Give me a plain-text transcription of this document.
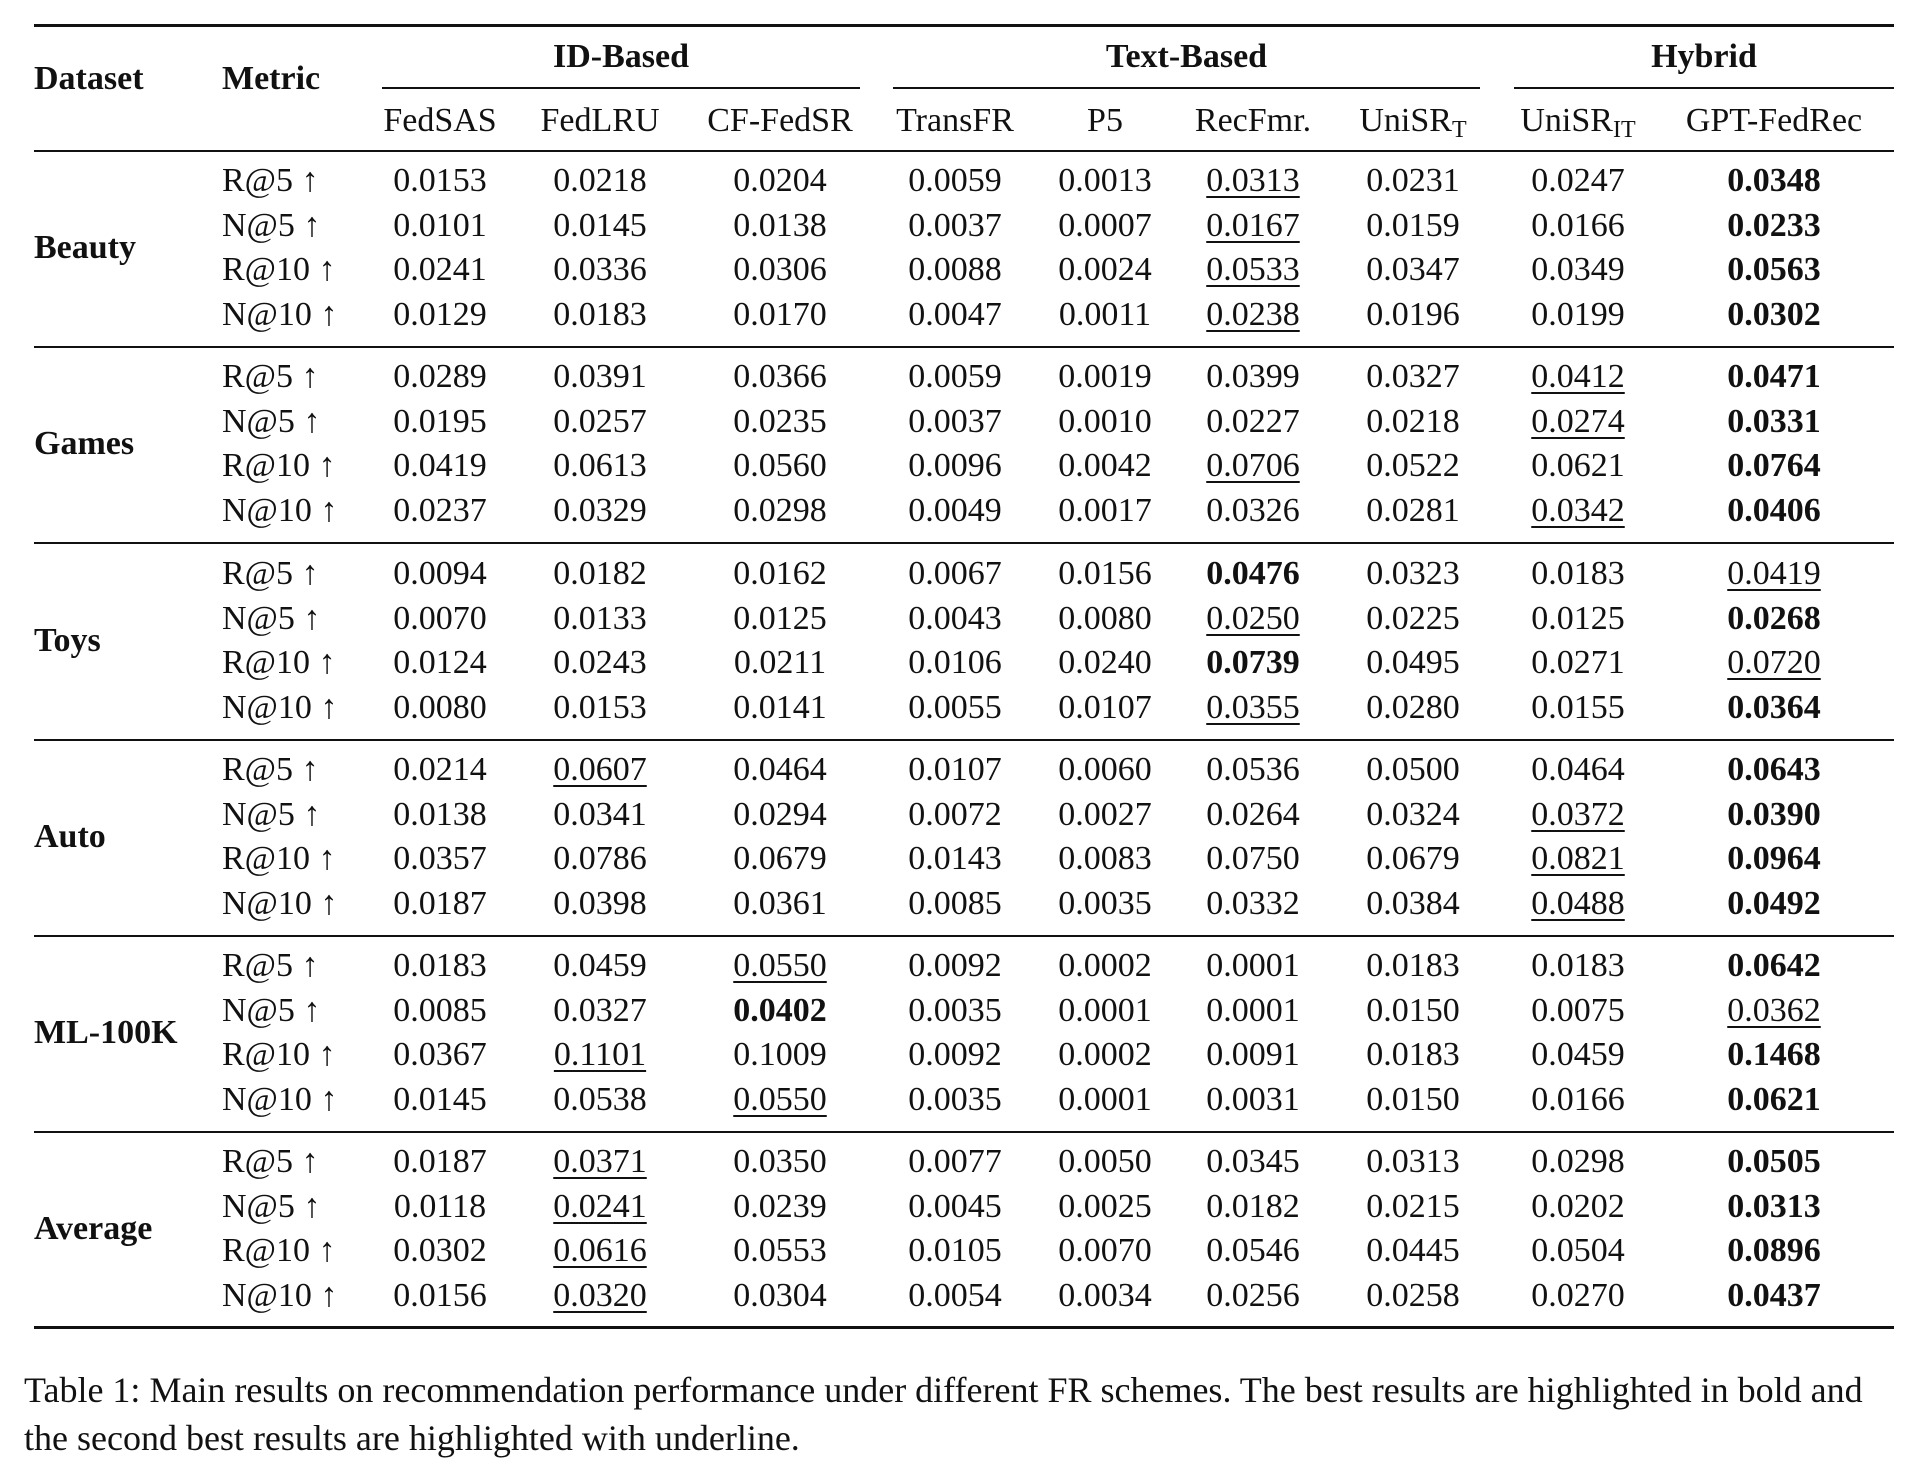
Dataset Metric
ID-Based	Text-Based	Hybrid
FedSAS	FedLRU	CF-FedSR	TransFR	P5	RecFmr.	UniSR$_T$	UniSR$_{IT}$	GPT-FedRec
Beauty
R@5 ↑	0.0153	0.0218	0.0204	0.0059	0.0013	0.0313	0.0231	0.0247	0.0348
N@5 ↑	0.0101	0.0145	0.0138	0.0037	0.0007	0.0167	0.0159	0.0166	0.0233
R@10 ↑	0.0241	0.0336	0.0306	0.0088	0.0024	0.0533	0.0347	0.0349	0.0563
N@10 ↑	0.0129	0.0183	0.0170	0.0047	0.0011	0.0238	0.0196	0.0199	0.0302
Games
R@5 ↑	0.0289	0.0391	0.0366	0.0059	0.0019	0.0399	0.0327	0.0412	0.0471
N@5 ↑	0.0195	0.0257	0.0235	0.0037	0.0010	0.0227	0.0218	0.0274	0.0331
R@10 ↑	0.0419	0.0613	0.0560	0.0096	0.0042	0.0706	0.0522	0.0621	0.0764
N@10 ↑	0.0237	0.0329	0.0298	0.0049	0.0017	0.0326	0.0281	0.0342	0.0406
Toys
R@5 ↑	0.0094	0.0182	0.0162	0.0067	0.0156	0.0476	0.0323	0.0183	0.0419
N@5 ↑	0.0070	0.0133	0.0125	0.0043	0.0080	0.0250	0.0225	0.0125	0.0268
R@10 ↑	0.0124	0.0243	0.0211	0.0106	0.0240	0.0739	0.0495	0.0271	0.0720
N@10 ↑	0.0080	0.0153	0.0141	0.0055	0.0107	0.0355	0.0280	0.0155	0.0364
Auto
R@5 ↑	0.0214	0.0607	0.0464	0.0107	0.0060	0.0536	0.0500	0.0464	0.0643
N@5 ↑	0.0138	0.0341	0.0294	0.0072	0.0027	0.0264	0.0324	0.0372	0.0390
R@10 ↑	0.0357	0.0786	0.0679	0.0143	0.0083	0.0750	0.0679	0.0821	0.0964
N@10 ↑	0.0187	0.0398	0.0361	0.0085	0.0035	0.0332	0.0384	0.0488	0.0492
ML-100K
R@5 ↑	0.0183	0.0459	0.0550	0.0092	0.0002	0.0001	0.0183	0.0183	0.0642
N@5 ↑	0.0085	0.0327	0.0402	0.0035	0.0001	0.0001	0.0150	0.0075	0.0362
R@10 ↑	0.0367	0.1101	0.1009	0.0092	0.0002	0.0091	0.0183	0.0459	0.1468
N@10 ↑	0.0145	0.0538	0.0550	0.0035	0.0001	0.0031	0.0150	0.0166	0.0621
Average
R@5 ↑	0.0187	0.0371	0.0350	0.0077	0.0050	0.0345	0.0313	0.0298	0.0505
N@5 ↑	0.0118	0.0241	0.0239	0.0045	0.0025	0.0182	0.0215	0.0202	0.0313
R@10 ↑	0.0302	0.0616	0.0553	0.0105	0.0070	0.0546	0.0445	0.0504	0.0896
N@10 ↑	0.0156	0.0320	0.0304	0.0054	0.0034	0.0256	0.0258	0.0270	0.0437
Table 1: Main results on recommendation performance under different FR schemes. The best results are highlighted in bold and the second best results are highlighted with underline.
